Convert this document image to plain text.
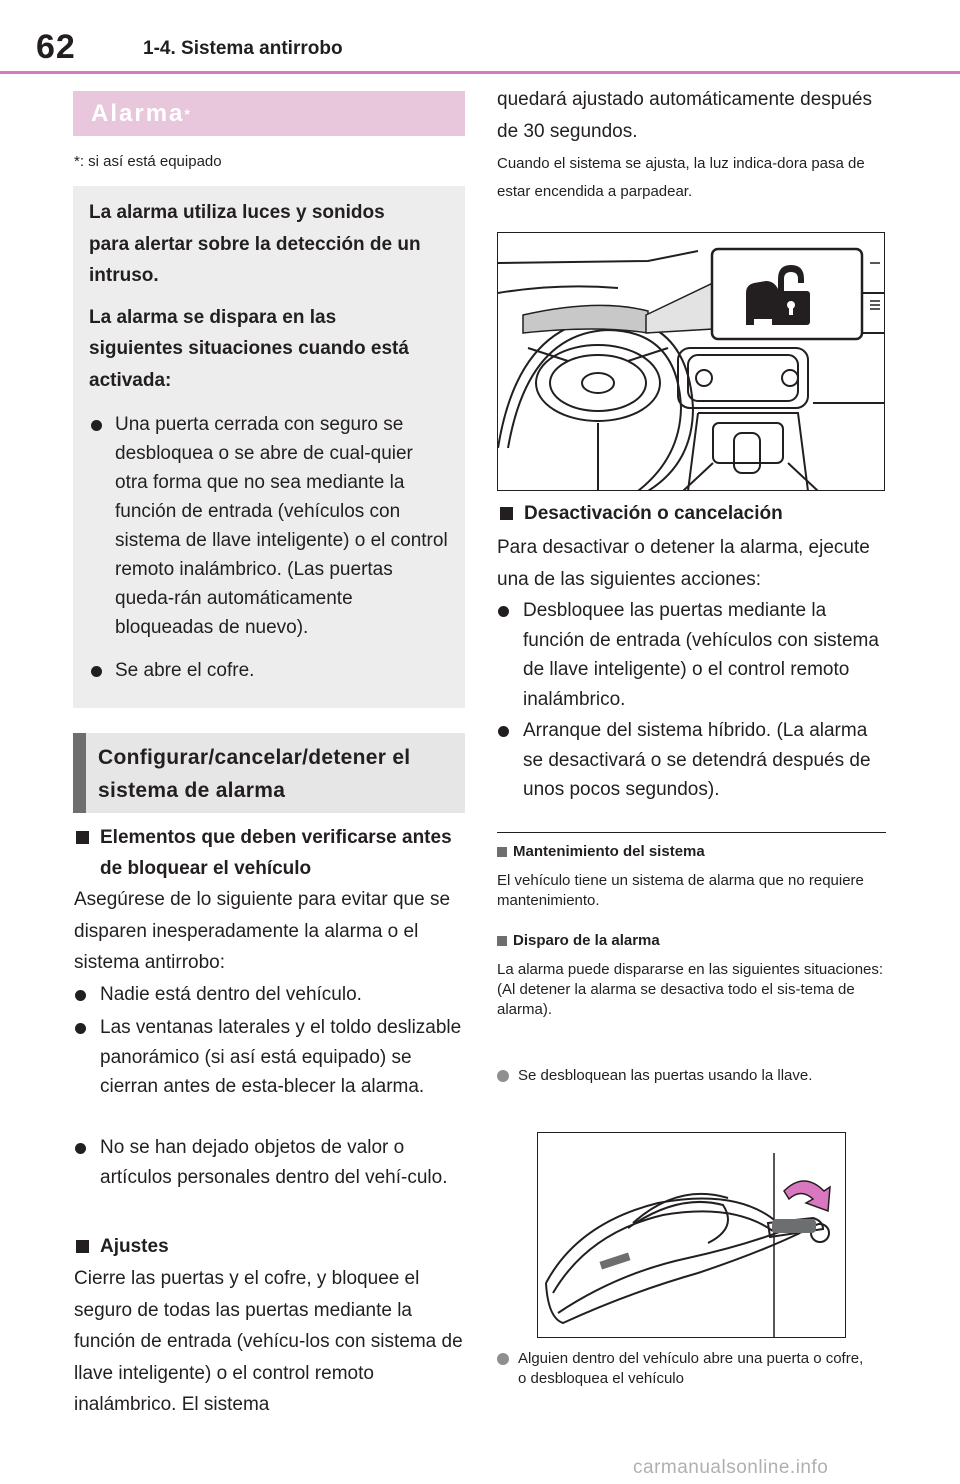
62	1-4. Sistema antirrobo
Alarma *
*: si así está equipado

La alarma utiliza luces y sonidos para alertar sobre la detección de un intruso.

La alarma se dispara en las siguientes situaciones cuando está activada:

Una puerta cerrada con seguro se desbloquea o se abre de cual-quier otra forma que no sea mediante la función de entrada (vehículos con sistema de llave inteligente) o el control remoto inalámbrico. (Las puertas queda-rán automáticamente bloqueadas de nuevo).
Se abre el cofre.
Configurar/cancelar/detener el sistema de alarma
Elementos que deben verificarse antes de bloquear el vehículo
Asegúrese de lo siguiente para evitar que se disparen inesperadamente la alarma o el sistema antirrobo:
Nadie está dentro del vehículo.
Las ventanas laterales y el toldo deslizable panorámico (si así está equipado) se cierran antes de esta-blecer la alarma.
No se han dejado objetos de valor o artículos personales dentro del vehí-culo.
Ajustes
Cierre las puertas y el cofre, y bloquee el seguro de todas las puertas mediante la función de entrada (vehícu-los con sistema de llave inteligente) o el control remoto inalámbrico. El sistema
quedará ajustado automáticamente después de 30 segundos.
Cuando el sistema se ajusta, la luz indica-dora pasa de estar encendida a parpadear.
Desactivación o cancelación
Para desactivar o detener la alarma, ejecute una de las siguientes acciones:
Desbloquee las puertas mediante la función de entrada (vehículos con sistema de llave inteligente) o el control remoto inalámbrico.
Arranque del sistema híbrido. (La alarma se desactivará o se detendrá después de unos pocos segundos).
Mantenimiento del sistema
El vehículo tiene un sistema de alarma que no requiere mantenimiento.
Disparo de la alarma
La alarma puede dispararse en las siguientes situaciones: (Al detener la alarma se desactiva todo el sis-tema de alarma).
Se desbloquean las puertas usando la llave.
Alguien dentro del vehículo abre una puerta o cofre, o desbloquea el vehículo
carmanualsonline.info
